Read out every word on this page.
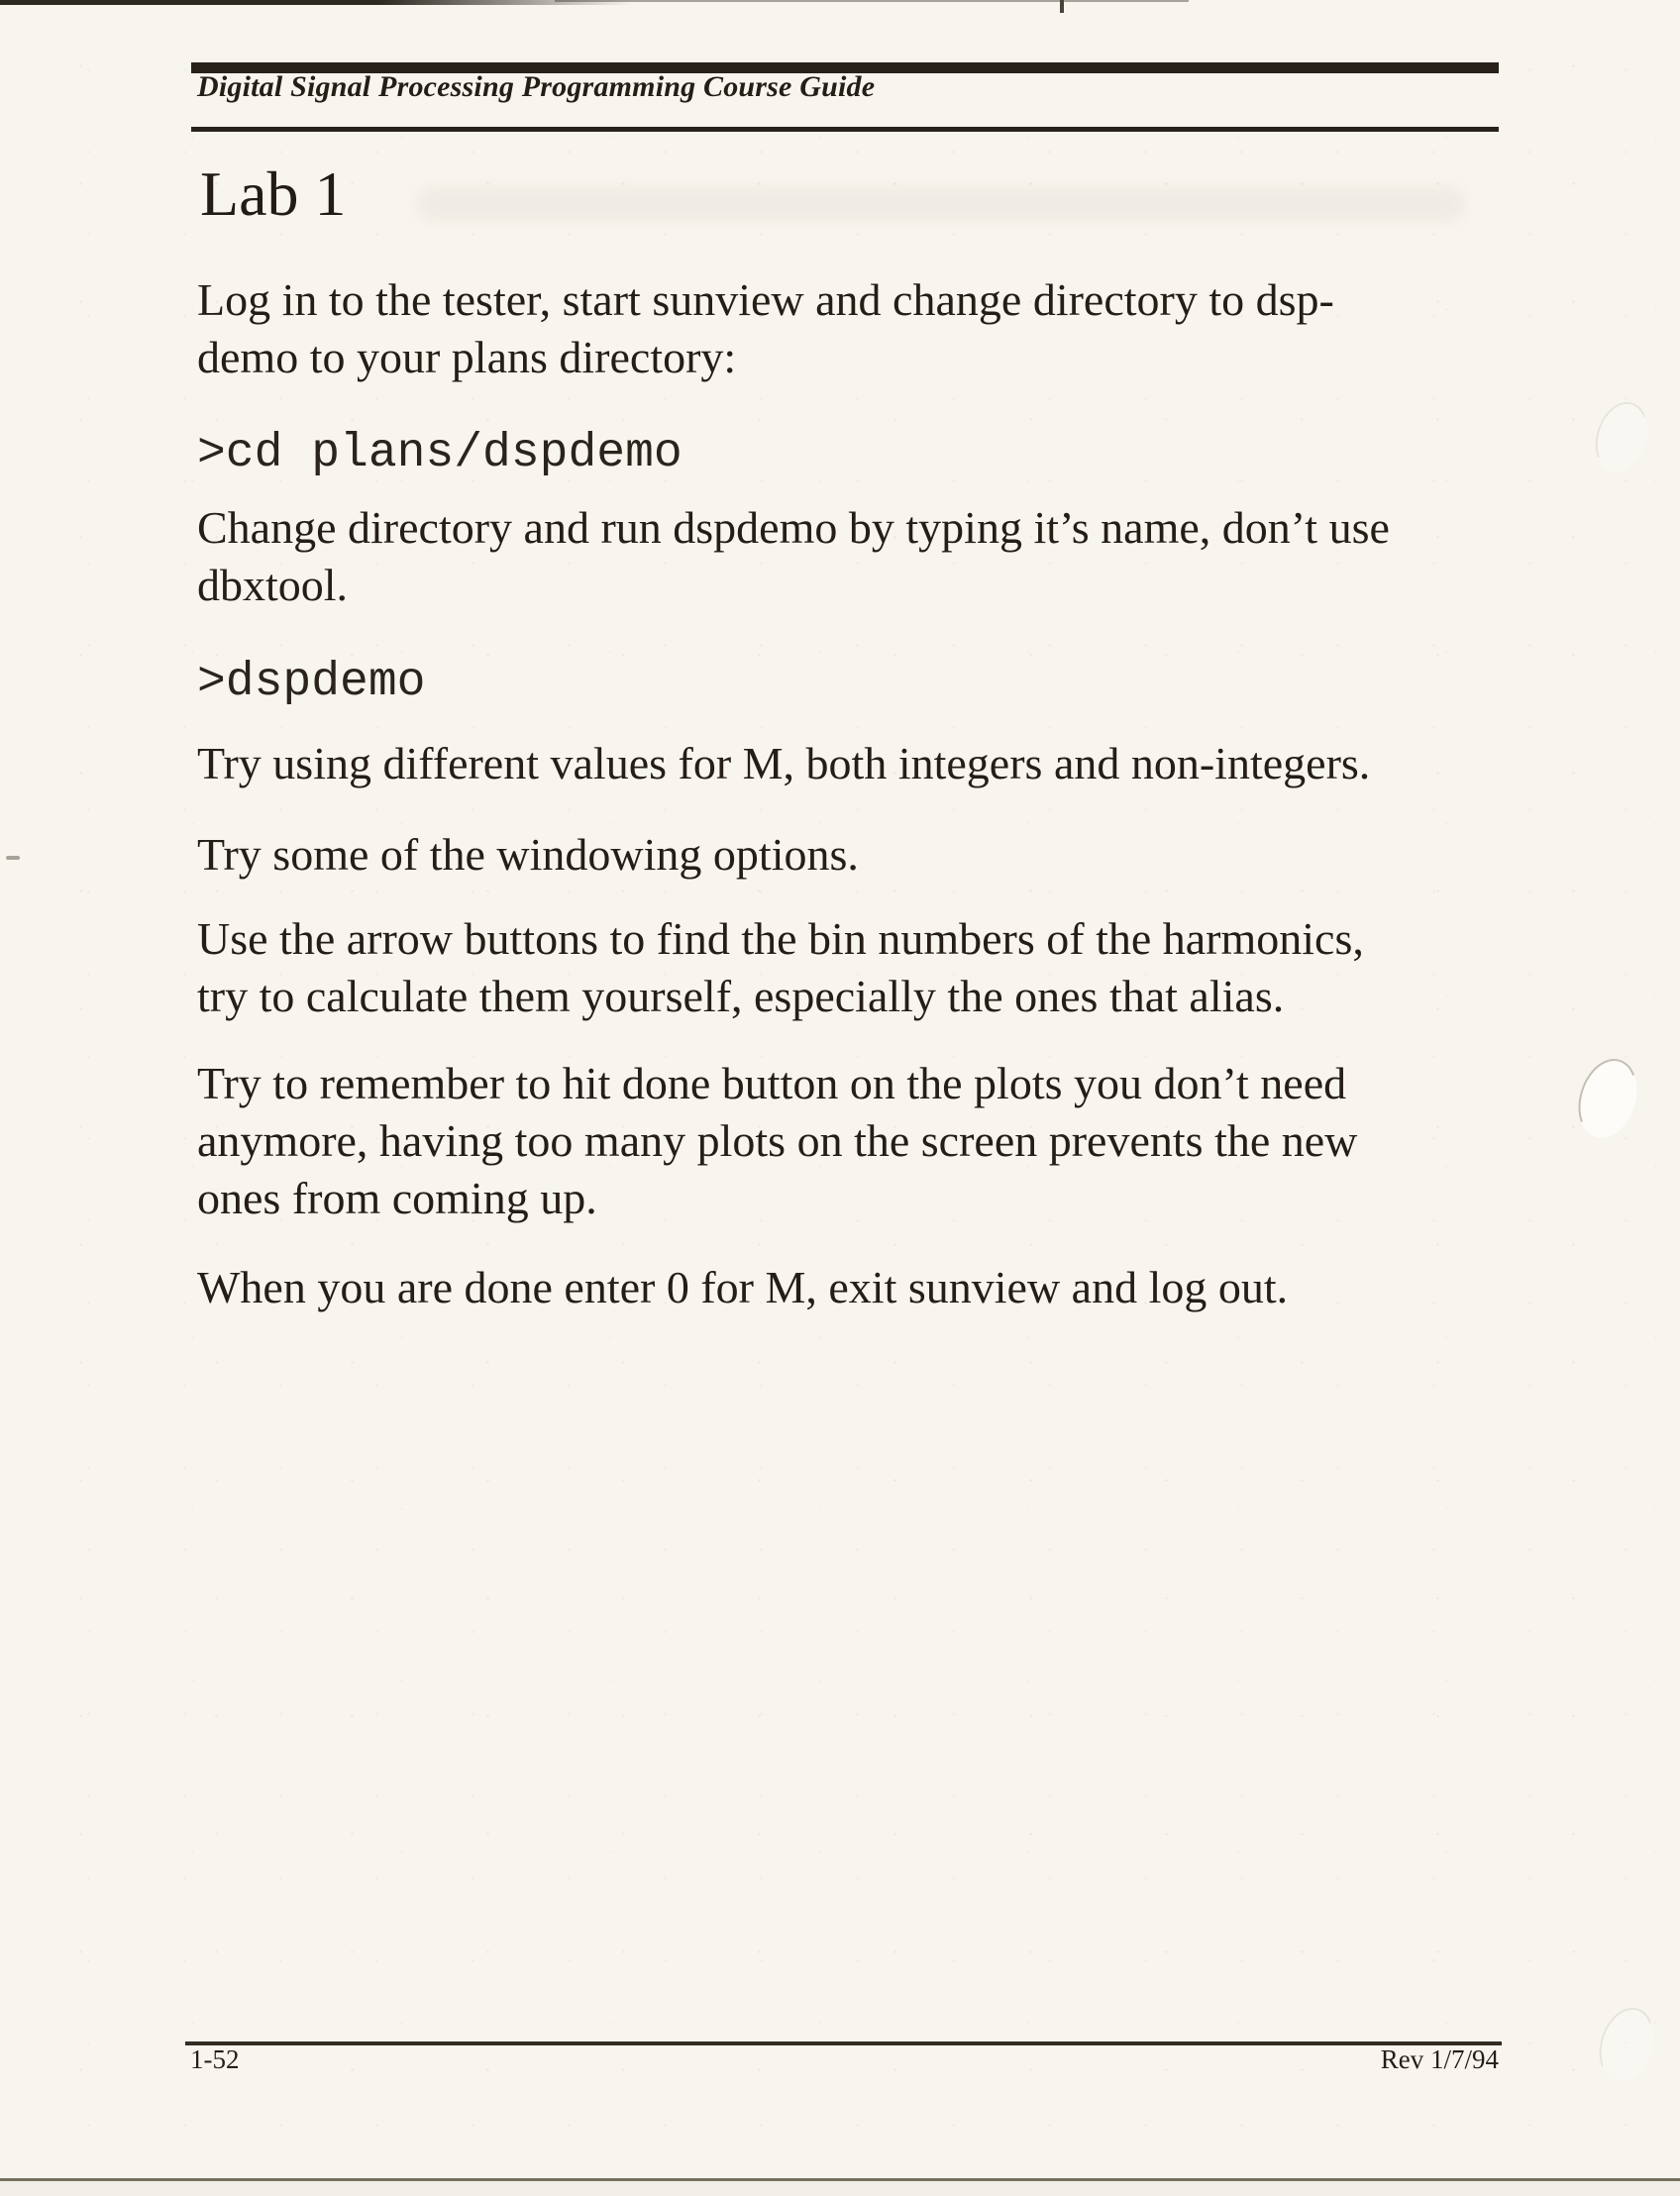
Digital Signal Processing Programming Course Guide
Lab 1
Log in to the tester, start sunview and change directory to dsp-
demo to your plans directory:
>cd plans/dspdemo
Change directory and run dspdemo by typing it’s name, don’t use
dbxtool.
>dspdemo
Try using different values for M, both integers and non-integers.
Try some of the windowing options.
Use the arrow buttons to find the bin numbers of the harmonics,
try to calculate them yourself, especially the ones that alias.
Try to remember to hit done button on the plots you don’t need
anymore, having too many plots on the screen prevents the new
ones from coming up.
When you are done enter 0 for M, exit sunview and log out.
1-52	Rev 1/7/94
